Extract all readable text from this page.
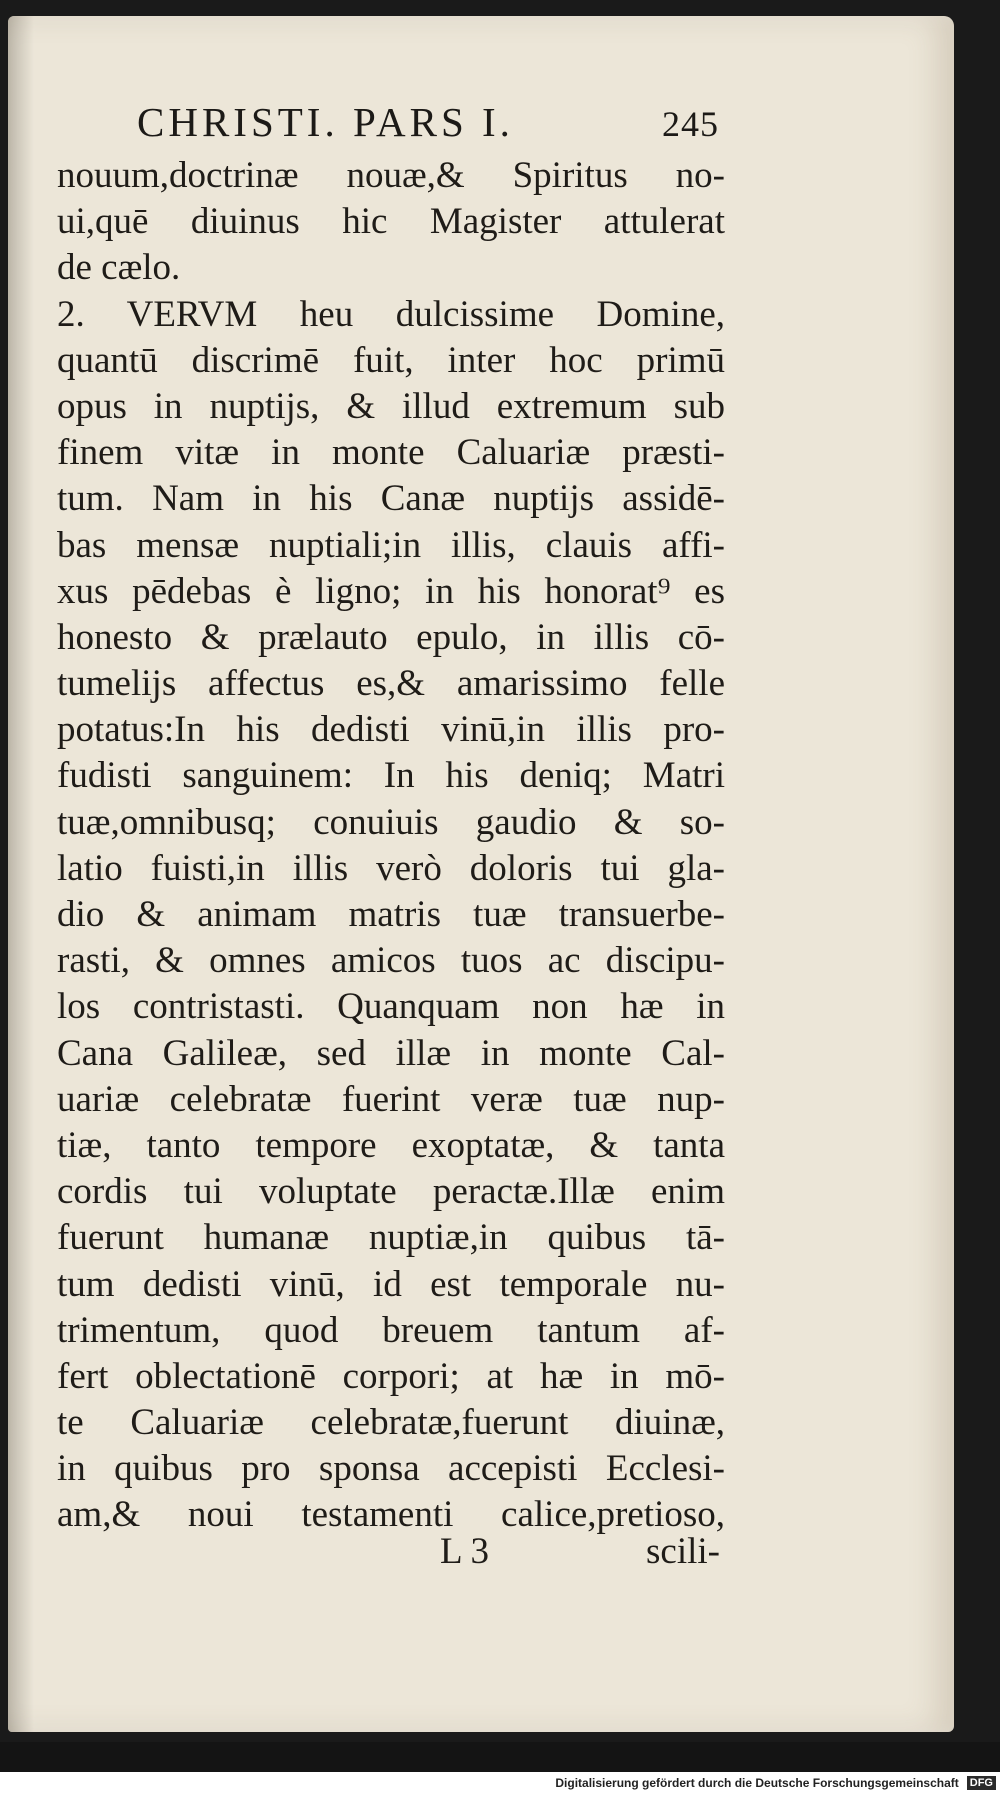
CHRISTI. PARS I.	245
nouum,doctrinæ nouæ,& Spiritus no-
ui,quē diuinus hic Magister attulerat
de cælo.
2. VERVM heu dulcissime Domine,
quantū discrimē fuit, inter hoc primū
opus in nuptijs, & illud extremum sub
finem vitæ in monte Caluariæ præsti-
tum. Nam in his Canæ nuptijs assidē-
bas mensæ nuptiali;in illis, clauis affi-
xus pēdebas è ligno; in his honorat⁹ es
honesto & prælauto epulo, in illis cō-
tumelijs affectus es,& amarissimo felle
potatus:In his dedisti vinū,in illis pro-
fudisti sanguinem: In his deniq; Matri
tuæ,omnibusq; conuiuis gaudio & so-
latio fuisti,in illis verò doloris tui gla-
dio & animam matris tuæ transuerbe-
rasti, & omnes amicos tuos ac discipu-
los contristasti. Quanquam non hæ in
Cana Galileæ, sed illæ in monte Cal-
uariæ celebratæ fuerint veræ tuæ nup-
tiæ, tanto tempore exoptatæ, & tanta
cordis tui voluptate peractæ.Illæ enim
fuerunt humanæ nuptiæ,in quibus tā-
tum dedisti vinū, id est temporale nu-
trimentum, quod breuem tantum af-
fert oblectationē corpori; at hæ in mō-
te Caluariæ celebratæ,fuerunt diuinæ,
in quibus pro sponsa accepisti Ecclesi-
am,& noui testamenti calice,pretioso,
L 3	scili-
Digitalisierung gefördert durch die Deutsche Forschungsgemeinschaft DFG
